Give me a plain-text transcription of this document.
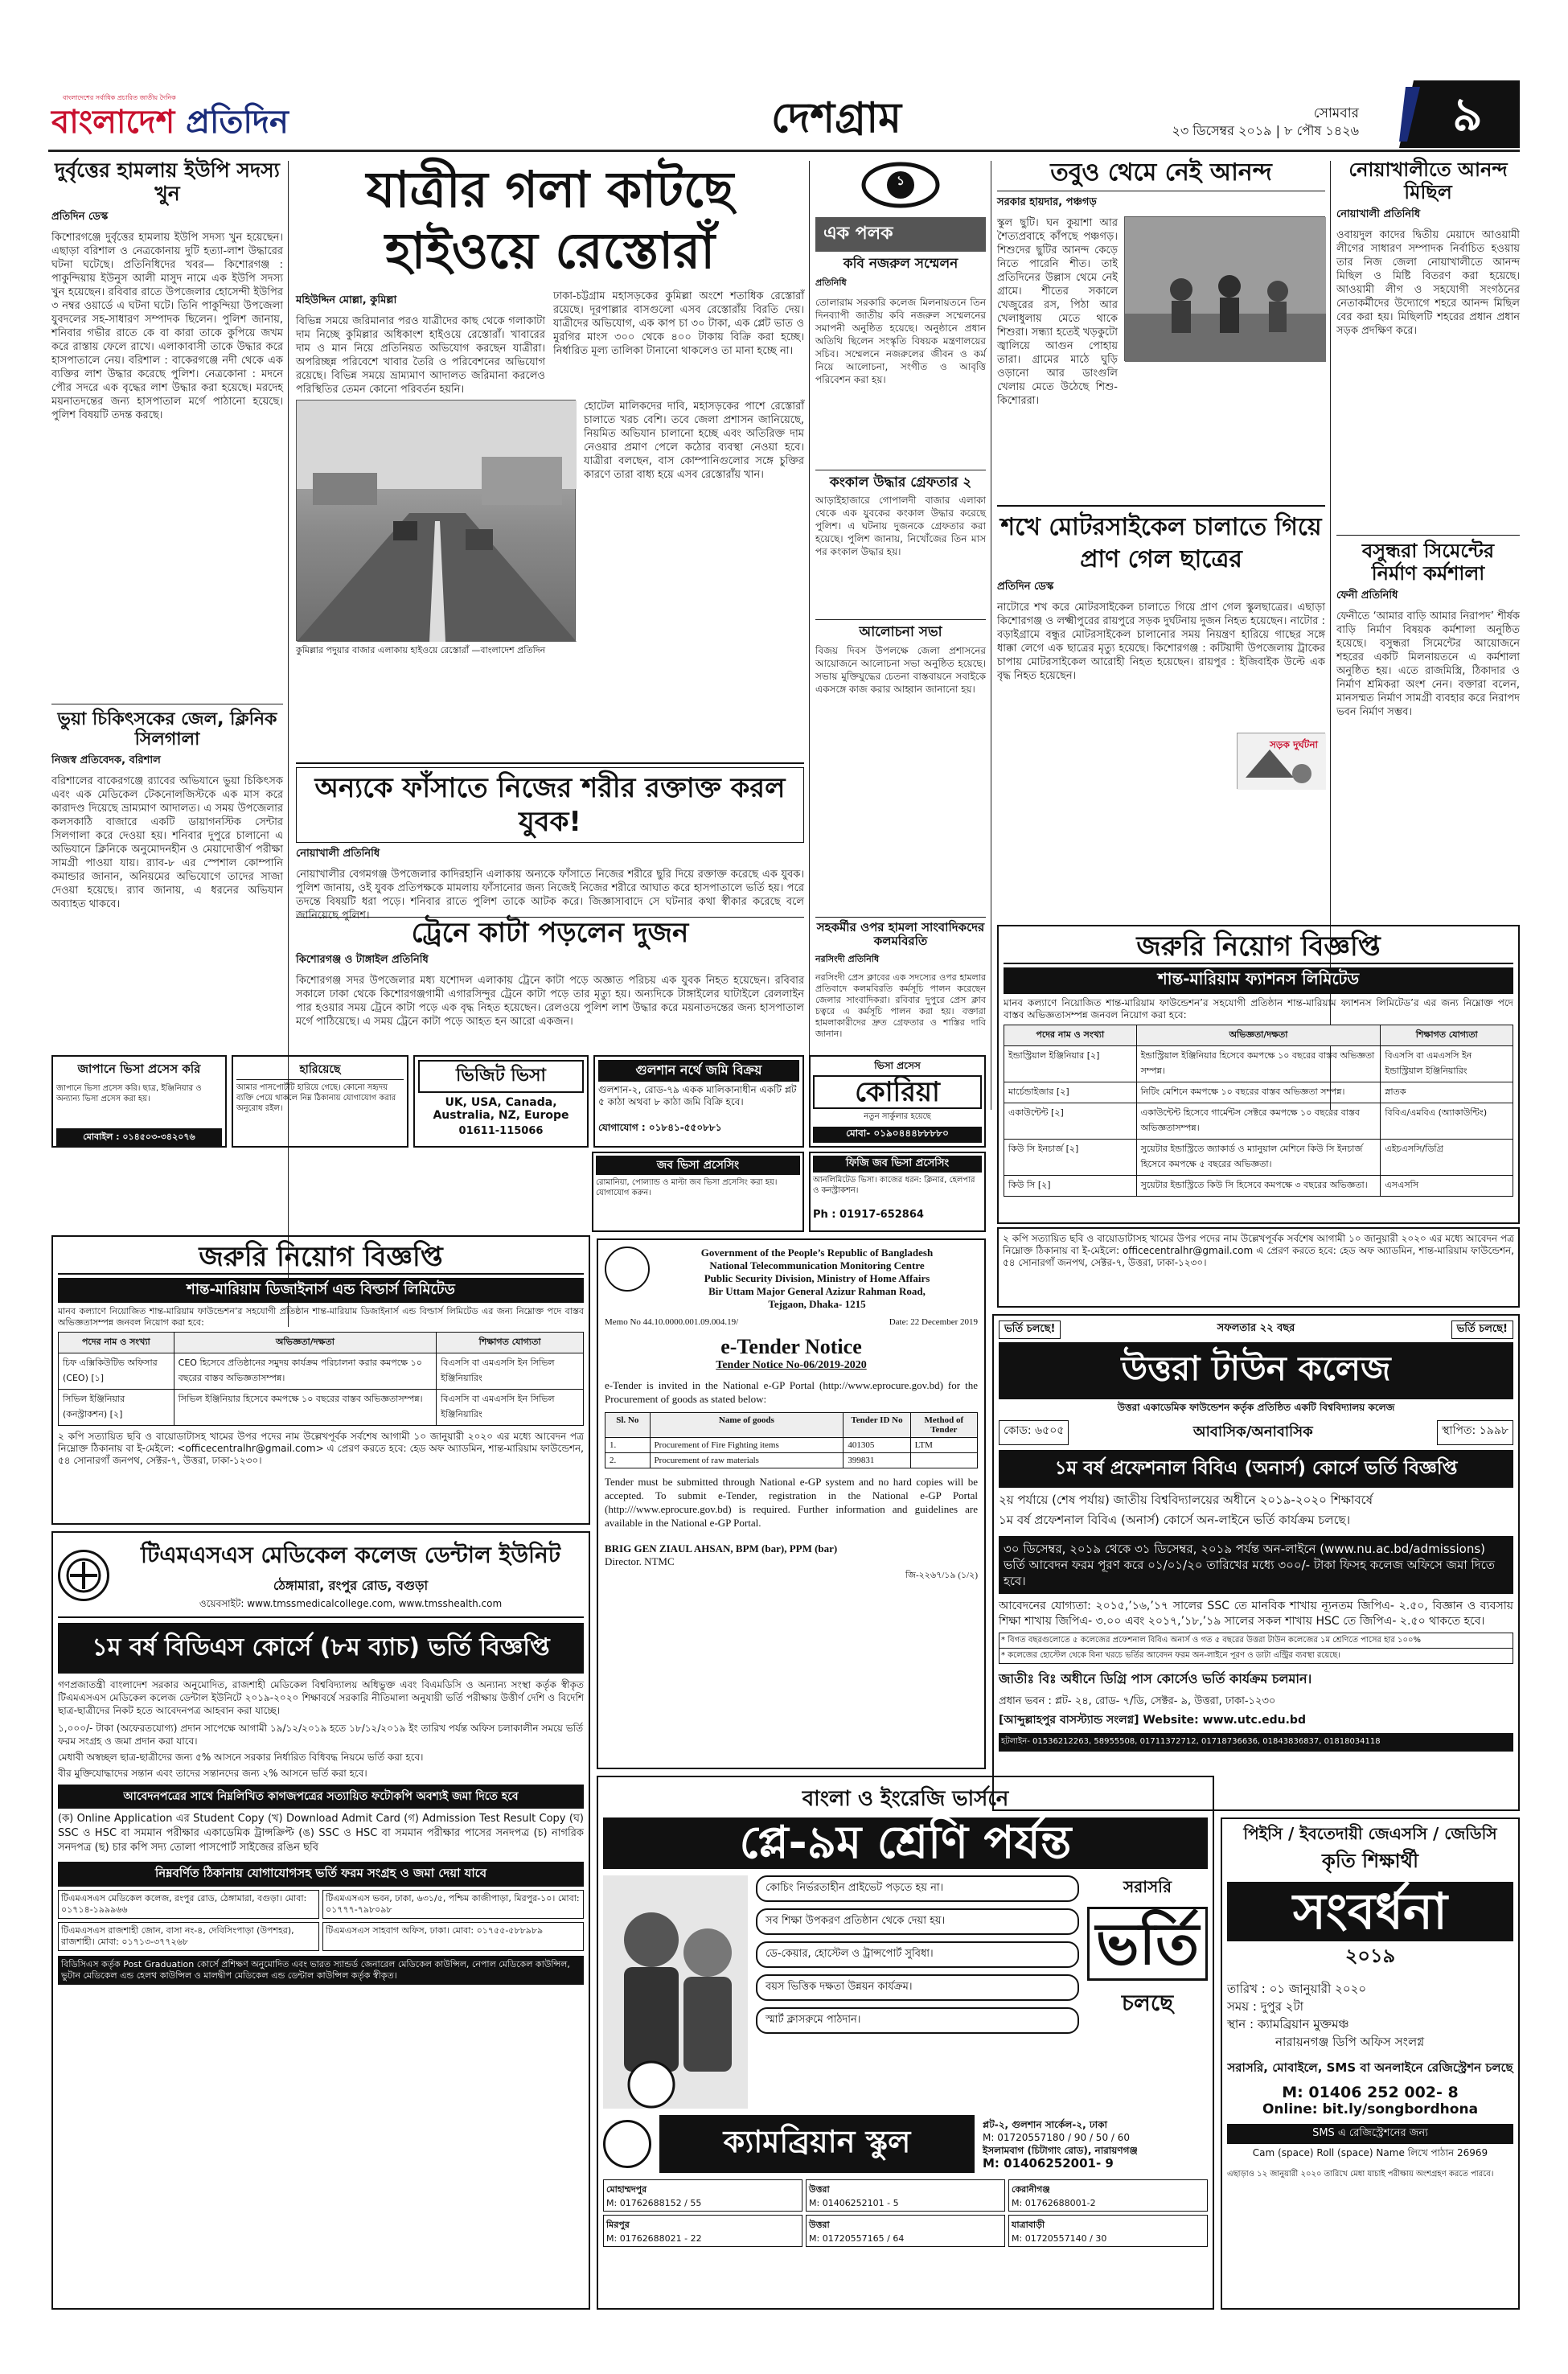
বাংলাদেশের সর্বাধিক প্রচারিত জাতীয় দৈনিক
বাংলাদেশ প্রতিদিন	দেশগ্রাম	সোমবার
২৩ ডিসেম্বর ২০১৯ | ৮ পৌষ ১৪২৬	৯
দুর্বৃত্তের হামলায় ইউপি সদস্য খুন
প্রতিদিন ডেস্ক
কিশোরগঞ্জে দুর্বৃত্তের হামলায় ইউপি সদস্য খুন হয়েছেন। এছাড়া বরিশাল ও নেত্রকোনায় দুটি হত্যা-লাশ উদ্ধারের ঘটনা ঘটেছে। প্রতিনিধিদের খবর— কিশোরগঞ্জ : পাকুন্দিয়ায় ইউনুস আলী মাসুদ নামে এক ইউপি সদস্য খুন হয়েছেন। রবিবার রাতে উপজেলার হোসেন্দী ইউপির ৩ নম্বর ওয়ার্ডে এ ঘটনা ঘটে। তিনি পাকুন্দিয়া উপজেলা যুবদলের সহ-সাধারণ সম্পাদক ছিলেন। পুলিশ জানায়, শনিবার গভীর রাতে কে বা কারা তাকে কুপিয়ে জখম করে রাস্তায় ফেলে রাখে। এলাকাবাসী তাকে উদ্ধার করে হাসপাতালে নেয়। বরিশাল : বাকেরগঞ্জে নদী থেকে এক ব্যক্তির লাশ উদ্ধার করেছে পুলিশ। নেত্রকোনা : মদনে পৌর সদরে এক বৃদ্ধের লাশ উদ্ধার করা হয়েছে। মরদেহ ময়নাতদন্তের জন্য হাসপাতাল মর্গে পাঠানো হয়েছে। পুলিশ বিষয়টি তদন্ত করছে।
ভুয়া চিকিৎসকের জেল, ক্লিনিক সিলগালা
নিজস্ব প্রতিবেদক, বরিশাল
বরিশালের বাকেরগঞ্জে র‌্যাবের অভিযানে ভুয়া চিকিৎসক এবং এক মেডিকেল টেকনোলজিস্টকে এক মাস করে কারাদণ্ড দিয়েছে ভ্রাম্যমাণ আদালত। এ সময় উপজেলার কলসকাঠি বাজারে একটি ডায়াগনস্টিক সেন্টার সিলগালা করে দেওয়া হয়। শনিবার দুপুরে চালানো এ অভিযানে ক্লিনিকে অনুমোদনহীন ও মেয়াদোত্তীর্ণ পরীক্ষা সামগ্রী পাওয়া যায়। র‌্যাব-৮ এর স্পেশাল কোম্পানি কমান্ডার জানান, অনিয়মের অভিযোগে তাদের সাজা দেওয়া হয়েছে। র‌্যাব জানায়, এ ধরনের অভিযান অব্যাহত থাকবে।
যাত্রীর গলা কাটছে হাইওয়ে রেস্তোরাঁ
মহিউদ্দিন মোল্লা, কুমিল্লা
বিভিন্ন সময়ে জরিমানার পরও যাত্রীদের কাছ থেকে গলাকাটা দাম নিচ্ছে কুমিল্লার অধিকাংশ হাইওয়ে রেস্তোরাঁ। খাবারের দাম ও মান নিয়ে প্রতিনিয়ত অভিযোগ করছেন যাত্রীরা। অপরিচ্ছন্ন পরিবেশে খাবার তৈরি ও পরিবেশনের অভিযোগ রয়েছে। বিভিন্ন সময়ে ভ্রাম্যমাণ আদালত জরিমানা করলেও পরিস্থিতির তেমন কোনো পরিবর্তন হয়নি।
ঢাকা-চট্টগ্রাম মহাসড়কের কুমিল্লা অংশে শতাধিক রেস্তোরাঁ রয়েছে। দূরপাল্লার বাসগুলো এসব রেস্তোরাঁয় বিরতি দেয়। যাত্রীদের অভিযোগ, এক কাপ চা ৩০ টাকা, এক প্লেট ভাত ও মুরগির মাংস ৩০০ থেকে ৪০০ টাকায় বিক্রি করা হচ্ছে। নির্ধারিত মূল্য তালিকা টানানো থাকলেও তা মানা হচ্ছে না।
কুমিল্লার পদুয়ার বাজার এলাকায় হাইওয়ে রেস্তোরাঁ —বাংলাদেশ প্রতিদিন
হোটেল মালিকদের দাবি, মহাসড়কের পাশে রেস্তোরাঁ চালাতে খরচ বেশি। তবে জেলা প্রশাসন জানিয়েছে, নিয়মিত অভিযান চালানো হচ্ছে এবং অতিরিক্ত দাম নেওয়ার প্রমাণ পেলে কঠোর ব্যবস্থা নেওয়া হবে। যাত্রীরা বলছেন, বাস কোম্পানিগুলোর সঙ্গে চুক্তির কারণে তারা বাধ্য হয়ে এসব রেস্তোরাঁয় খান।
অন্যকে ফাঁসাতে নিজের শরীর রক্তাক্ত করল যুবক!
নোয়াখালী প্রতিনিধি
নোয়াখালীর বেগমগঞ্জ উপজেলার কাদিরহানি এলাকায় অন্যকে ফাঁসাতে নিজের শরীরে ছুরি দিয়ে রক্তাক্ত করেছে এক যুবক। পুলিশ জানায়, ওই যুবক প্রতিপক্ষকে মামলায় ফাঁসানোর জন্য নিজেই নিজের শরীরে আঘাত করে হাসপাতালে ভর্তি হয়। পরে তদন্তে বিষয়টি ধরা পড়ে। শনিবার রাতে পুলিশ তাকে আটক করে। জিজ্ঞাসাবাদে সে ঘটনার কথা স্বীকার করেছে বলে জানিয়েছে পুলিশ।
ট্রেনে কাটা পড়লেন দুজন
কিশোরগঞ্জ ও টাঙ্গাইল প্রতিনিধি
কিশোরগঞ্জ সদর উপজেলার মধ্য যশোদল এলাকায় ট্রেনে কাটা পড়ে অজ্ঞাত পরিচয় এক যুবক নিহত হয়েছেন। রবিবার সকালে ঢাকা থেকে কিশোরগঞ্জগামী এগারসিন্দুর ট্রেনে কাটা পড়ে তার মৃত্যু হয়। অন্যদিকে টাঙ্গাইলের ঘাটাইলে রেললাইন পার হওয়ার সময় ট্রেনে কাটা পড়ে এক বৃদ্ধ নিহত হয়েছেন। রেলওয়ে পুলিশ লাশ উদ্ধার করে ময়নাতদন্তের জন্য হাসপাতাল মর্গে পাঠিয়েছে। এ সময় ট্রেনে কাটা পড়ে আহত হন আরো একজন।
১
এক পলক
কবি নজরুল সম্মেলন
প্রতিনিধি
তোলারাম সরকারি কলেজ মিলনায়তনে তিন দিনব্যাপী জাতীয় কবি নজরুল সম্মেলনের সমাপনী অনুষ্ঠিত হয়েছে। অনুষ্ঠানে প্রধান অতিথি ছিলেন সংস্কৃতি বিষয়ক মন্ত্রণালয়ের সচিব। সম্মেলনে নজরুলের জীবন ও কর্ম নিয়ে আলোচনা, সংগীত ও আবৃত্তি পরিবেশন করা হয়।
কংকাল উদ্ধার গ্রেফতার ২
আড়াইহাজারে গোপালদী বাজার এলাকা থেকে এক যুবকের কংকাল উদ্ধার করেছে পুলিশ। এ ঘটনায় দুজনকে গ্রেফতার করা হয়েছে। পুলিশ জানায়, নিখোঁজের তিন মাস পর কংকাল উদ্ধার হয়।
আলোচনা সভা
বিজয় দিবস উপলক্ষে জেলা প্রশাসনের আয়োজনে আলোচনা সভা অনুষ্ঠিত হয়েছে। সভায় মুক্তিযুদ্ধের চেতনা বাস্তবায়নে সবাইকে একসঙ্গে কাজ করার আহ্বান জানানো হয়।
তবুও থেমে নেই আনন্দ
সরকার হায়দার, পঞ্চগড়
স্কুল ছুটি। ঘন কুয়াশা আর শৈত্যপ্রবাহে কাঁপছে পঞ্চগড়। শিশুদের ছুটির আনন্দ কেড়ে নিতে পারেনি শীত। তাই প্রতিদিনের উল্লাস থেমে নেই গ্রামে। শীতের সকালে খেজুরের রস, পিঠা আর খেলাধুলায় মেতে থাকে শিশুরা। সন্ধ্যা হতেই খড়কুটো জ্বালিয়ে আগুন পোহায় তারা। গ্রামের মাঠে ঘুড়ি ওড়ানো আর ডাংগুলি খেলায় মেতে উঠেছে শিশু-কিশোররা।
শখে মোটরসাইকেল চালাতে গিয়ে প্রাণ গেল ছাত্রের
প্রতিদিন ডেস্ক
নাটোরে শখ করে মোটরসাইকেল চালাতে গিয়ে প্রাণ গেল স্কুলছাত্রের। এছাড়া কিশোরগঞ্জ ও লক্ষ্মীপুরের রায়পুরে সড়ক দুর্ঘটনায় দুজন নিহত হয়েছেন। নাটোর : বড়াইগ্রামে বন্ধুর মোটরসাইকেল চালানোর সময় নিয়ন্ত্রণ হারিয়ে গাছের সঙ্গে ধাক্কা লেগে এক ছাত্রের মৃত্যু হয়েছে। কিশোরগঞ্জ : কটিয়াদী উপজেলায় ট্রাকের চাপায় মোটরসাইকেল আরোহী নিহত হয়েছেন। রায়পুর : ইজিবাইক উল্টে এক বৃদ্ধ নিহত হয়েছেন।
সড়ক দুর্ঘটনা
নোয়াখালীতে আনন্দ মিছিল
নোয়াখালী প্রতিনিধি
ওবায়দুল কাদের দ্বিতীয় মেয়াদে আওয়ামী লীগের সাধারণ সম্পাদক নির্বাচিত হওয়ায় তার নিজ জেলা নোয়াখালীতে আনন্দ মিছিল ও মিষ্টি বিতরণ করা হয়েছে। আওয়ামী লীগ ও সহযোগী সংগঠনের নেতাকর্মীদের উদ্যোগে শহরে আনন্দ মিছিল বের করা হয়। মিছিলটি শহরের প্রধান প্রধান সড়ক প্রদক্ষিণ করে।
বসুন্ধরা সিমেন্টের নির্মাণ কর্মশালা
ফেনী প্রতিনিধি
ফেনীতে ‘আমার বাড়ি আমার নিরাপদ’ শীর্ষক বাড়ি নির্মাণ বিষয়ক কর্মশালা অনুষ্ঠিত হয়েছে। বসুন্ধরা সিমেন্টের আয়োজনে শহরের একটি মিলনায়তনে এ কর্মশালা অনুষ্ঠিত হয়। এতে রাজমিস্ত্রি, ঠিকাদার ও নির্মাণ শ্রমিকরা অংশ নেন। বক্তারা বলেন, মানসম্মত নির্মাণ সামগ্রী ব্যবহার করে নিরাপদ ভবন নির্মাণ সম্ভব।
জাপানে ভিসা প্রসেস করি
জাপানে ভিসা প্রসেস করি। ছাত্র, ইঞ্জিনিয়ার ও অন্যান্য ভিসা প্রসেস করা হয়।
মোবাইল : ০১৪৫০৩-৩৪২০৭৬
হারিয়েছে
আমার পাসপোর্টটি হারিয়ে গেছে। কোনো সহৃদয় ব্যক্তি পেয়ে থাকলে নিম্ন ঠিকানায় যোগাযোগ করার অনুরোধ রইল।
ভিজিট ভিসা
UK, USA, Canada, Australia, NZ, Europe
01611-115066
গুলশান নর্থে জমি বিক্রয়
গুলশান-২, রোড-৭৯ একক মালিকানাধীন একটি প্লট ৫ কাঠা অথবা ৮ কাঠা জমি বিক্রি হবে।
যোগাযোগ : ০১৮৪১-৫৫০৮৮১
ভিসা প্রসেস
কোরিয়া
নতুন সার্কুলার হয়েছে
মোবা- ০১৯০৪৪৪৮৮৮৮০
জব ভিসা প্রসেসিং
রোমানিয়া, পোল্যান্ড ও মাল্টা জব ভিসা প্রসেসিং করা হয়। যোগাযোগ করুন।
ফিজি জব ভিসা প্রসেসিং
আনলিমিটেড ভিসা। কাজের ধরন: ক্লিনার, হেলপার ও কনস্ট্রাকশন।
Ph : 01917-652864
জরুরি নিয়োগ বিজ্ঞপ্তি
শান্ত-মারিয়াম ফ্যাশনস লিমিটেড
মানব কল্যাণে নিয়োজিত শান্ত-মারিয়াম ফাউন্ডেশন’র সহযোগী প্রতিষ্ঠান শান্ত-মারিয়াম ফ্যাশনস লিমিটেড’র এর জন্য নিম্নোক্ত পদে বাস্তব অভিজ্ঞতাসম্পন্ন জনবল নিয়োগ করা হবে:
পদের নাম ও সংখ্যা	অভিজ্ঞতা/দক্ষতা	শিক্ষাগত যোগ্যতা
ইন্ডাস্ট্রিয়াল ইঞ্জিনিয়ার [২]	ইন্ডাস্ট্রিয়াল ইঞ্জিনিয়ার হিসেবে কমপক্ষে ১০ বছরের বাস্তব অভিজ্ঞতা সম্পন্ন।	বিএসসি বা এমএসসি ইন ইন্ডাস্ট্রিয়াল ইঞ্জিনিয়ারিং
মার্চেন্ডাইজার [২]	নিটিং মেশিনে কমপক্ষে ১০ বছরের বাস্তব অভিজ্ঞতা সম্পন্ন।	স্নাতক
একাউন্টেন্ট [২]	একাউন্টেন্ট হিসেবে গার্মেন্টস সেক্টরে কমপক্ষে ১০ বছরের বাস্তব অভিজ্ঞতাসম্পন্ন।	বিবিএ/এমবিএ (অ্যাকাউন্টিং)
কিউ সি ইনচার্জ [২]	সুয়েটার ইন্ডাস্ট্রিতে জ্যাকার্ড ও ম্যানুয়াল মেশিনে কিউ সি ইনচার্জ হিসেবে কমপক্ষে ৫ বছরের অভিজ্ঞতা।	এইচএসসি/ডিগ্রি
কিউ সি [২]	সুয়েটার ইন্ডাস্ট্রিতে কিউ সি হিসেবে কমপক্ষে ৩ বছরের অভিজ্ঞতা।	এসএসসি
২ কপি সত্যায়িত ছবি ও বায়োডাটাসহ খামের উপর পদের নাম উল্লেখপূর্বক সর্বশেষ আগামী ১০ জানুয়ারী ২০২০ এর মধ্যে আবেদন পত্র নিম্নোক্ত ঠিকানায় বা ই-মেইলে: officecentralhr@gmail.com এ প্রেরণ করতে হবে: হেড অফ অ্যাডমিন, শান্ত-মারিয়াম ফাউন্ডেশন, ৫৪ সোনারগাঁ জনপথ, সেক্টর-৭, উত্তরা, ঢাকা-১২৩০।
জরুরি নিয়োগ বিজ্ঞপ্তি
শান্ত-মারিয়াম ডিজাইনার্স এন্ড বিল্ডার্স লিমিটেড
মানব কল্যাণে নিয়োজিত শান্ত-মারিয়াম ফাউন্ডেশন’র সহযোগী প্রতিষ্ঠান শান্ত-মারিয়াম ডিজাইনার্স এন্ড বিল্ডার্স লিমিটেড এর জন্য নিম্নোক্ত পদে বাস্তব অভিজ্ঞতাসম্পন্ন জনবল নিয়োগ করা হবে:
পদের নাম ও সংখ্যা	অভিজ্ঞতা/দক্ষতা	শিক্ষাগত যোগ্যতা
চিফ এক্সিকিউটিভ অফিসার (CEO) [১]	CEO হিসেবে প্রতিষ্ঠানের সমুদয় কার্যক্রম পরিচালনা করার কমপক্ষে ১০ বছরের বাস্তব অভিজ্ঞতাসম্পন্ন।	বিএসসি বা এমএসসি ইন সিভিল ইঞ্জিনিয়ারিং
সিভিল ইঞ্জিনিয়ার (কনস্ট্রাকশন) [২]	সিভিল ইঞ্জিনিয়ার হিসেবে কমপক্ষে ১০ বছরের বাস্তব অভিজ্ঞতাসম্পন্ন।	বিএসসি বা এমএসসি ইন সিভিল ইঞ্জিনিয়ারিং
২ কপি সত্যায়িত ছবি ও বায়োডাটাসহ খামের উপর পদের নাম উল্লেখপূর্বক সর্বশেষ আগামী ১০ জানুয়ারী ২০২০ এর মধ্যে আবেদন পত্র নিম্নোক্ত ঠিকানায় বা ই-মেইলে: <officecentralhr@gmail.com> এ প্রেরণ করতে হবে: হেড অফ অ্যাডমিন, শান্ত-মারিয়াম ফাউন্ডেশন, ৫৪ সোনারগাঁ জনপথ, সেক্টর-৭, উত্তরা, ঢাকা-১২৩০।
টিএমএসএস মেডিকেল কলেজ ডেন্টাল ইউনিট
ঠেঙ্গামারা, রংপুর রোড, বগুড়া
ওয়েবসাইট: www.tmssmedicalcollege.com, www.tmsshealth.com
১ম বর্ষ বিডিএস কোর্সে (৮ম ব্যাচ) ভর্তি বিজ্ঞপ্তি
গণপ্রজাতন্ত্রী বাংলাদেশ সরকার অনুমোদিত, রাজশাহী মেডিকেল বিশ্ববিদ্যালয় অধিভুক্ত এবং বিএমডিসি ও অন্যান্য সংস্থা কর্তৃক স্বীকৃত টিএমএসএস মেডিকেল কলেজ ডেন্টাল ইউনিটে ২০১৯-২০২০ শিক্ষাবর্ষে সরকারি নীতিমালা অনুযায়ী ভর্তি পরীক্ষায় উত্তীর্ণ দেশি ও বিদেশি ছাত্র-ছাত্রীদের নিকট হতে আবেদনপত্র আহবান করা যাচ্ছে।
১,০০০/- টাকা (অফেরতযোগ্য) প্রদান সাপেক্ষে আগামী ১৯/১২/২০১৯ হতে ১৮/১২/২০১৯ ইং তারিখ পর্যন্ত অফিস চলাকালীন সময়ে ভর্তি ফরম সংগ্রহ ও জমা প্রদান করা যাবে।
মেধাবী অস্বচ্ছল ছাত্র-ছাত্রীদের জন্য ৫% আসনে সরকার নির্ধারিত বিধিবদ্ধ নিয়মে ভর্তি করা হবে।
বীর মুক্তিযোদ্ধাদের সন্তান এবং তাদের সন্তানদের জন্য ২% আসনে ভর্তি করা হবে।
আবেদনপত্রের সাথে নিম্নলিখিত কাগজপত্রের সত্যায়িত ফটোকপি অবশ্যই জমা দিতে হবে
(ক) Online Application এর Student Copy (খ) Download Admit Card (গ) Admission Test Result Copy (ঘ) SSC ও HSC বা সমমান পরীক্ষার একাডেমিক ট্রান্সক্রিপ্ট (ঙ) SSC ও HSC বা সমমান পরীক্ষার পাসের সনদপত্র (চ) নাগরিক সনদপত্র (ছ) চার কপি সদ্য তোলা পাসপোর্ট সাইজের রঙিন ছবি
নিম্নবর্ণিত ঠিকানায় যোগাযোগসহ ভর্তি ফরম সংগ্রহ ও জমা দেয়া যাবে
টিএমএসএস মেডিকেল কলেজ, রংপুর রোড, ঠেঙ্গামারা, বগুড়া। মোবা: ০১৭১৪-১৯৯৯৬৬
টিএমএসএস ভবন, ঢাকা, ৬৩১/৫, পশ্চিম কাজীপাড়া, মিরপুর-১০। মোবা: ০১৭৭৭-৭৯৮০৯৮
টিএমএসএস রাজশাহী জোন, বাসা নং-৪, দেবিসিংপাড়া (উপশহর), রাজশাহী। মোবা: ০১৭১৩-৩৭৭২৬৮
টিএমএসএস সাহবাগ অফিস, ঢাকা। মোবা: ০১৭৫৫-৫৮৮৯৮৯
বিডিসিএস কর্তৃক Post Graduation কোর্সে প্রশিক্ষণ অনুমোদিত এবং ভারত স্যান্ডর্ড জেনারেল মেডিকেল কাউন্সিল, নেপাল মেডিকেল কাউন্সিল, ভুটান মেডিকেল এন্ড হেলথ কাউন্সিল ও মালদ্বীপ মেডিকেল এন্ড ডেন্টাল কাউন্সিল কর্তৃক স্বীকৃত।
Government of the People’s Republic of Bangladesh
National Telecommunication Monitoring Centre
Public Security Division, Ministry of Home Affairs
Bir Uttam Major General Azizur Rahman Road,
Tejgaon, Dhaka- 1215
Memo No 44.10.0000.001.09.004.19/	Date: 22 December 2019
e-Tender Notice
Tender Notice No-06/2019-2020
e-Tender is invited in the National e-GP Portal (http://www.eprocure.gov.bd) for the Procurement of goods as stated below:
Sl. No	Name of goods	Tender ID No	Method of Tender
1.	Procurement of Fire Fighting items	401305	LTM
2.	Procurement of raw materials	399831	
Tender must be submitted through National e-GP system and no hard copies will be accepted. To submit e-Tender, registration in the National e-GP Portal (http:///www.eprocure.gov.bd) is required. Further information and guidelines are available in the National e-GP Portal.
BRIG GEN ZIAUL AHSAN, BPM (bar), PPM (bar)
Director. NTMC
জি-২২৬৭/১৯ (১/২)
ভর্তি চলছে!	সফলতার ২২ বছর	ভর্তি চলছে!
উত্তরা টাউন কলেজ
উত্তরা একাডেমিক ফাউন্ডেশন কর্তৃক প্রতিষ্ঠিত একটি বিশ্ববিদ্যালয় কলেজ
কোড: ৬৫০৫	আবাসিক/অনাবাসিক	স্থাপিত: ১৯৯৮
১ম বর্ষ প্রফেশনাল বিবিএ (অনার্স) কোর্সে ভর্তি বিজ্ঞপ্তি
২য় পর্যায়ে (শেষ পর্যায়) জাতীয় বিশ্ববিদ্যালয়ের অধীনে ২০১৯-২০২০ শিক্ষাবর্ষে
১ম বর্ষ প্রফেশনাল বিবিএ (অনার্স) কোর্সে অন-লাইনে ভর্তি কার্যক্রম চলছে।
৩০ ডিসেম্বর, ২০১৯ থেকে ৩১ ডিসেম্বর, ২০১৯ পর্যন্ত অন-লাইনে (www.nu.ac.bd/admissions) ভর্তি আবেদন ফরম পূরণ করে ০১/০১/২০ তারিখের মধ্যে ৩০০/- টাকা ফিসহ কলেজ অফিসে জমা দিতে হবে।
আবেদনের যোগ্যতা: ২০১৫,’১৬,’১৭ সালের SSC তে মানবিক শাখায় ন্যূনতম জিপিএ- ২.৫০, বিজ্ঞান ও ব্যবসায় শিক্ষা শাখায় জিপিএ- ৩.০০ এবং ২০১৭,’১৮,’১৯ সালের সকল শাখায় HSC তে জিপিএ- ২.৫০ থাকতে হবে।
* বিগত বছরগুলোতে ৫ কলেজের প্রফেশনাল বিবিএ অনার্স ও গত ৫ বছরের উত্তরা টাউন কলেজের ১ম শ্রেণিতে পাসের হার ১০০%
* কলেজের হোস্টেল থেকে বিনা খরচে ভর্তির আবেদন ফরম অন-লাইনে পূরণ ও ডাটা এন্ট্রির ব্যবস্থা রয়েছে।
জাতীঃ বিঃ অধীনে ডিগ্রি পাস কোর্সেও ভর্তি কার্যক্রম চলমান।
প্রধান ভবন : প্লট- ২৪, রোড- ৭/ডি, সেক্টর- ৯, উত্তরা, ঢাকা-১২৩০
[আব্দুল্লাহপুর বাসস্ট্যান্ড সংলগ্ন] Website: www.utc.edu.bd
হটলাইন- 01536212263, 58955508, 01711372712, 01718736636, 01843836837, 01818034118
বাংলা ও ইংরেজি ভার্সনে
প্লে-৯ম শ্রেণি পর্যন্ত
কোচিং নির্ভরতাহীন প্রাইভেট পড়তে হয় না।
সব শিক্ষা উপকরণ প্রতিষ্ঠান থেকে দেয়া হয়।
ডে-কেয়ার, হোস্টেল ও ট্রান্সপোর্ট সুবিধা।
বয়স ভিত্তিক দক্ষতা উন্নয়ন কার্যক্রম।
স্মার্ট ক্লাসরুমে পাঠদান।
সরাসরি
ভর্তি
চলছে
ক্যামব্রিয়ান স্কুল	প্লট-২, গুলশান সার্কেল-২, ঢাকা
M: 01720557180 / 90 / 50 / 60
ইসলামবাগ (চিটাগাং রোড), নারায়ণগঞ্জ
M: 01406252001- 9
মোহাম্মদপুর
M: 01762688152 / 55
উত্তরা
M: 01406252101 - 5
কেরানীগঞ্জ
M: 01762688001-2
মিরপুর
M: 01762688021 - 22
উত্তরা
M: 01720557165 / 64
যাত্রাবাড়ী
M: 01720557140 / 30
পিইসি / ইবতেদায়ী জেএসসি / জেডিসি
কৃতি শিক্ষার্থী
সংবর্ধনা
২০১৯
তারিখ : ০১ জানুয়ারী ২০২০
সময় : দুপুর ২টা
স্থান : ক্যামব্রিয়ান মুক্তমঞ্চ
নারায়নগঞ্জ ডিপি অফিস সংলগ্ন
সরাসরি, মোবাইলে, SMS বা অনলাইনে রেজিস্ট্রেশন চলছে
M: 01406 252 002- 8
Online: bit.ly/songbordhona
SMS এ রেজিস্ট্রেশনের জন্য
Cam (space) Roll (space) Name লিখে পাঠান 26969
এছাড়াও ১২ জানুয়ারী ২০২০ তারিখে মেধা যাচাই পরীক্ষায় অংশগ্রহণ করতে পারবে।
সহকর্মীর ওপর হামলা সাংবাদিকদের কলমবিরতি
নরসিংদী প্রতিনিধি
নরসিংদী প্রেস ক্লাবের এক সদস্যের ওপর হামলার প্রতিবাদে কলমবিরতি কর্মসূচি পালন করেছেন জেলার সাংবাদিকরা। রবিবার দুপুরে প্রেস ক্লাব চত্বরে এ কর্মসূচি পালন করা হয়। বক্তারা হামলাকারীদের দ্রুত গ্রেফতার ও শাস্তির দাবি জানান।
